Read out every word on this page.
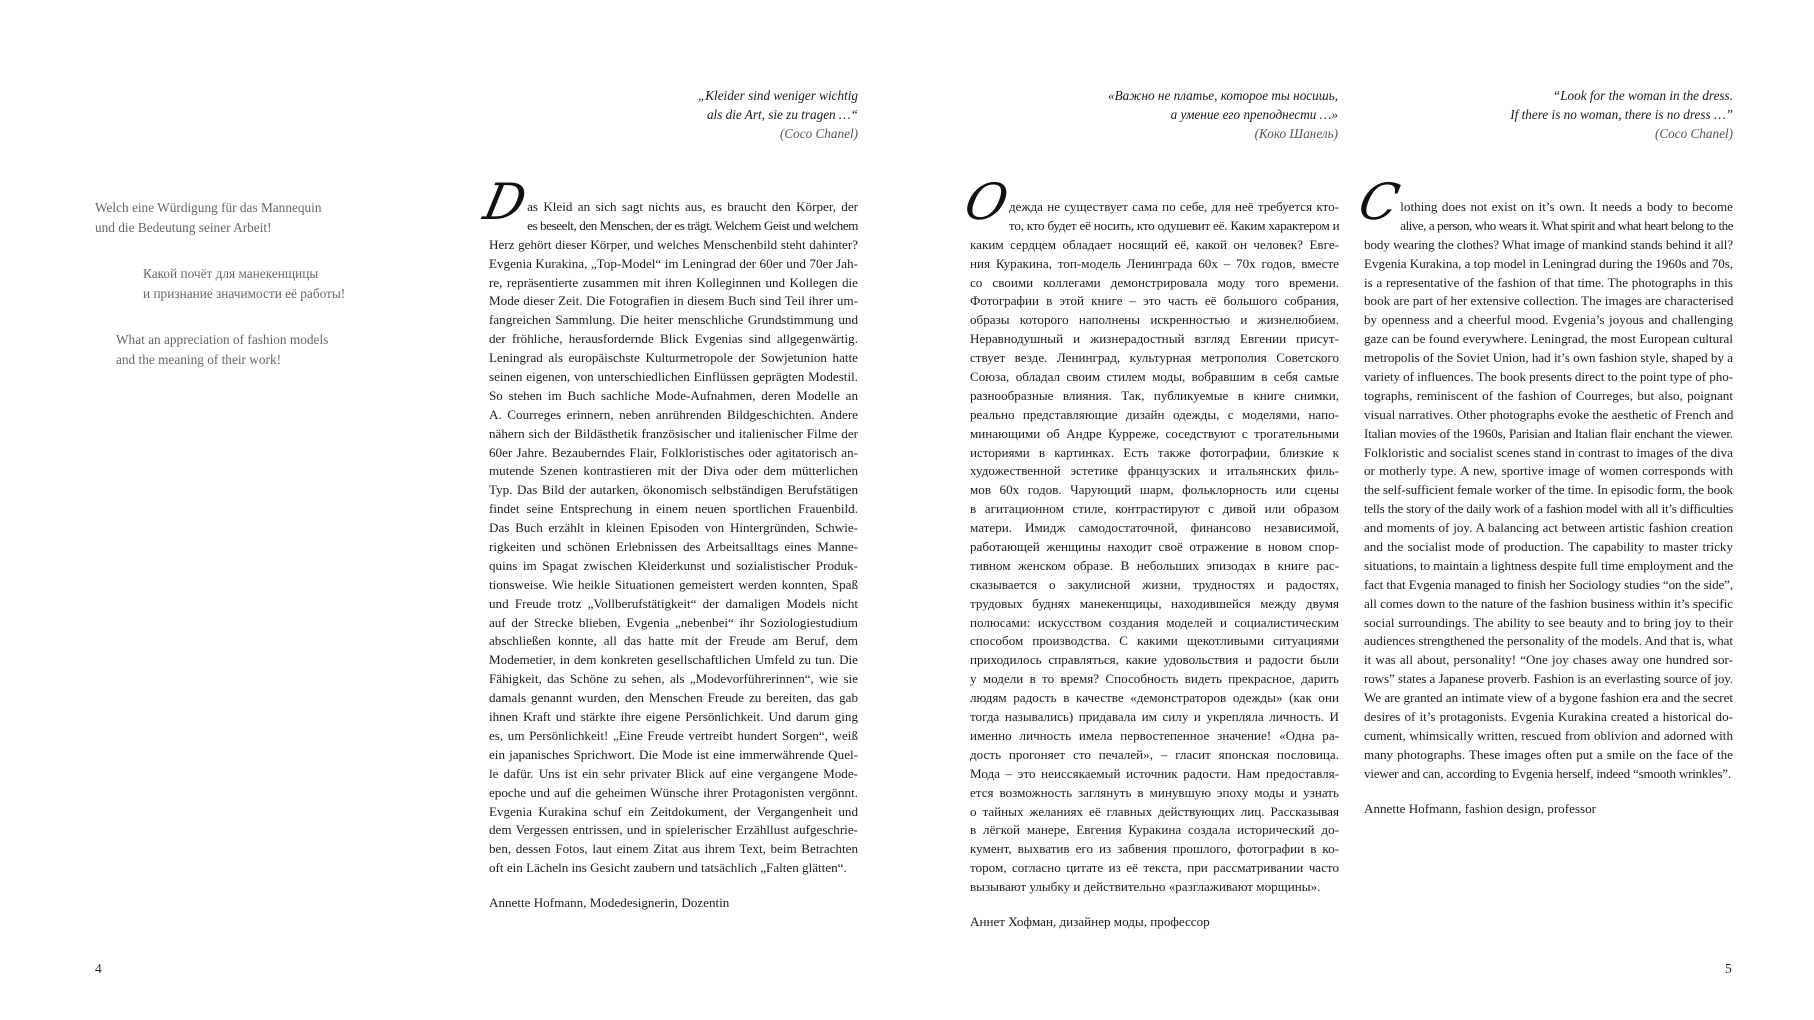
„Kleider sind weniger wichtig
als die Art, sie zu tragen …“
(Coco Chanel)
«Важно не платье, которое ты носишь,
а умение его преподнести …»
(Коко Шанель)
“Look for the woman in the dress.
If there is no woman, there is no dress …”
(Coco Chanel)
Welch eine Würdigung für das Mannequin
und die Bedeutung seiner Arbeit!
Какой почёт для манекенщицы
и признание значимости её работы!
What an appreciation of fashion models
and the meaning of their work!
D
as Kleid an sich sagt nichts aus, es braucht den Körper, der
es beseelt, den Menschen, der es trägt. Welchem Geist und welchem
Herz gehört dieser Körper, und welches Menschenbild steht dahinter?
Evgenia Kurakina, „Top-Model“ im Leningrad der 60er und 70er Jah-
re, repräsentierte zusammen mit ihren Kolleginnen und Kollegen die
Mode dieser Zeit. Die Fotografien in diesem Buch sind Teil ihrer um-
fangreichen Sammlung. Die heiter menschliche Grundstimmung und
der fröhliche, herausfordernde Blick Evgenias sind allgegenwärtig.
Leningrad als europäischste Kulturmetropole der Sowjetunion hatte
seinen eigenen, von unterschiedlichen Einflüssen geprägten Modestil.
So stehen im Buch sachliche Mode-Aufnahmen, deren Modelle an
A. Courreges erinnern, neben anrührenden Bildgeschichten. Andere
nähern sich der Bildästhetik französischer und italienischer Filme der
60er Jahre. Bezauberndes Flair, Folkloristisches oder agitatorisch an-
mutende Szenen kontrastieren mit der Diva oder dem mütterlichen
Typ. Das Bild der autarken, ökonomisch selbständigen Berufstätigen
findet seine Entsprechung in einem neuen sportlichen Frauenbild.
Das Buch erzählt in kleinen Episoden von Hintergründen, Schwie-
rigkeiten und schönen Erlebnissen des Arbeitsalltags eines Manne-
quins im Spagat zwischen Kleiderkunst und sozialistischer Produk-
tionsweise. Wie heikle Situationen gemeistert werden konnten, Spaß
und Freude trotz „Vollberufstätigkeit“ der damaligen Models nicht
auf der Strecke blieben, Evgenia „nebenbei“ ihr Soziologiestudium
abschließen konnte, all das hatte mit der Freude am Beruf, dem
Modemetier, in dem konkreten gesellschaftlichen Umfeld zu tun. Die
Fähigkeit, das Schöne zu sehen, als „Modevorführerinnen“, wie sie
damals genannt wurden, den Menschen Freude zu bereiten, das gab
ihnen Kraft und stärkte ihre eigene Persönlichkeit. Und darum ging
es, um Persönlichkeit! „Eine Freude vertreibt hundert Sorgen“, weiß
ein japanisches Sprichwort. Die Mode ist eine immerwährende Quel-
le dafür. Uns ist ein sehr privater Blick auf eine vergangene Mode-
epoche und auf die geheimen Wünsche ihrer Protagonisten vergönnt.
Evgenia Kurakina schuf ein Zeitdokument, der Vergangenheit und
dem Vergessen entrissen, und in spielerischer Erzähllust aufgeschrie-
ben, dessen Fotos, laut einem Zitat aus ihrem Text, beim Betrachten
oft ein Lächeln ins Gesicht zaubern und tatsächlich „Falten glätten“.
О
дежда не существует сама по себе, для неё требуется кто-
то, кто будет её носить, кто одушевит её. Каким характером и
каким сердцем обладает носящий её, какой он человек? Евге-
ния Куракина, топ-модель Ленинграда 60х – 70х годов, вместе
со своими коллегами демонстрировала моду того времени.
Фотографии в этой книге – это часть её большого собрания,
образы которого наполнены искренностью и жизнелюбием.
Неравнодушный и жизнерадостный взгляд Евгении присут-
ствует везде. Ленинград, культурная метрополия Советского
Союза, обладал своим стилем моды, вобравшим в себя самые
разнообразные влияния. Так, публикуемые в книге снимки,
реально представляющие дизайн одежды, с моделями, напо-
минающими об Андре Курреже, соседствуют с трогательными
историями в картинках. Есть также фотографии, близкие к
художественной эстетике французских и итальянских филь-
мов 60х годов. Чарующий шарм, фольклорность или сцены
в агитационном стиле, контрастируют с дивой или образом
матери. Имидж самодостаточной, финансово независимой,
работающей женщины находит своё отражение в новом спор-
тивном женском образе. В небольших эпизодах в книге рас-
сказывается о закулисной жизни, трудностях и радостях,
трудовых буднях манекенщицы, находившейся между двумя
полюсами: искусством создания моделей и социалистическим
способом производства. С какими щекотливыми ситуациями
приходилось справляться, какие удовольствия и радости были
у модели в то время? Способность видеть прекрасное, дарить
людям радость в качестве «демонстраторов одежды» (как они
тогда назывались) придавала им силу и укрепляла личность. И
именно личность имела первостепенное значение! «Одна ра-
дость прогоняет сто печалей», – гласит японская пословица.
Мода – это неиссякаемый источник радости. Нам предоставля-
ется возможность заглянуть в минувшую эпоху моды и узнать
о тайных желаниях её главных действующих лиц. Рассказывая
в лёгкой манере, Евгения Куракина создала исторический до-
кумент, выхватив его из забвения прошлого, фотографии в ко-
тором, согласно цитате из её текста, при рассматривании часто
вызывают улыбку и действительно «разглаживают морщины».
C
lothing does not exist on it’s own. It needs a body to become
alive, a person, who wears it. What spirit and what heart belong to the
body wearing the clothes? What image of mankind stands behind it all?
Evgenia Kurakina, a top model in Leningrad during the 1960s and 70s,
is a representative of the fashion of that time. The photographs in this
book are part of her extensive collection. The images are characterised
by openness and a cheerful mood. Evgenia’s joyous and challenging
gaze can be found everywhere. Leningrad, the most European cultural
metropolis of the Soviet Union, had it’s own fashion style, shaped by a
variety of influences. The book presents direct to the point type of pho-
tographs, reminiscent of the fashion of Courreges, but also, poignant
visual narratives. Other photographs evoke the aesthetic of French and
Italian movies of the 1960s, Parisian and Italian flair enchant the viewer.
Folkloristic and socialist scenes stand in contrast to images of the diva
or motherly type. A new, sportive image of women corresponds with
the self-sufficient female worker of the time. In episodic form, the book
tells the story of the daily work of a fashion model with all it’s difficulties
and moments of joy. A balancing act between artistic fashion creation
and the socialist mode of production. The capability to master tricky
situations, to maintain a lightness despite full time employment and the
fact that Evgenia managed to finish her Sociology studies “on the side”,
all comes down to the nature of the fashion business within it’s specific
social surroundings. The ability to see beauty and to bring joy to their
audiences strengthened the personality of the models. And that is, what
it was all about, personality! “One joy chases away one hundred sor-
rows” states a Japanese proverb. Fashion is an everlasting source of joy.
We are granted an intimate view of a bygone fashion era and the secret
desires of it’s protagonists. Evgenia Kurakina created a historical do-
cument, whimsically written, rescued from oblivion and adorned with
many photographs. These images often put a smile on the face of the
viewer and can, according to Evgenia herself, indeed “smooth wrinkles”.
Annette Hofmann, Modedesignerin, Dozentin
Аннет Хофман, дизайнер моды, профессор
Annette Hofmann, fashion design, professor
4	5
